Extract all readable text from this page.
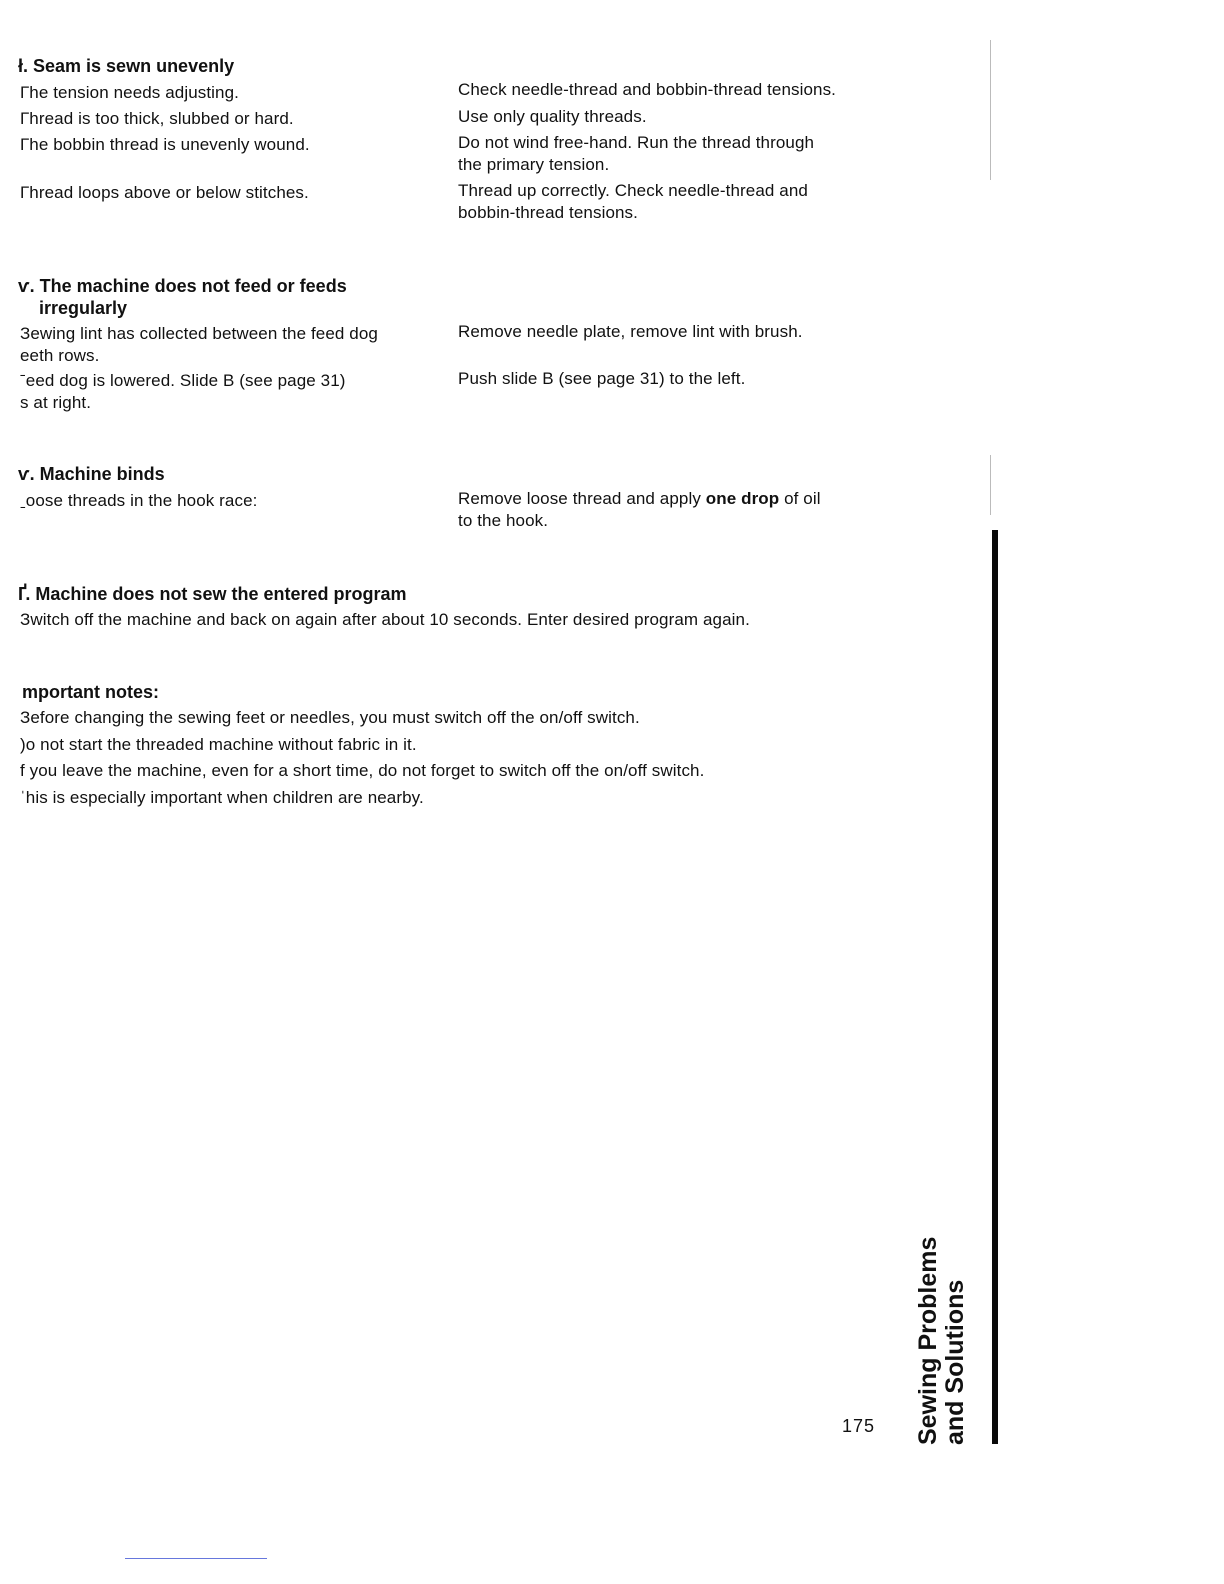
ł. Seam is sewn unevenly
Гhe tension needs adjusting.
Гhread is too thick, slubbed or hard.
Гhe bobbin thread is unevenly wound.
Гhread loops above or below stitches.
Check needle-thread and bobbin-thread tensions.
Use only quality threads.
Do not wind free-hand. Run the thread through
the primary tension.
Thread up correctly. Check needle-thread and
bobbin-thread tensions.
ѵ. The machine does not feed or feeds
irregularly
Зewing lint has collected between the feed dog
eeth rows.
ˉeed dog is lowered. Slide B (see page 31)
s at right.
Remove needle plate, remove lint with brush.
Push slide B (see page 31) to the left.
ѵ. Machine binds
ˍoose threads in the hook race:	Remove loose thread and apply one drop of oil
to the hook.
Ґ. Machine does not sew the entered program
Зwitch off the machine and back on again after about 10 seconds. Enter desired program again.
mportant notes:
Зefore changing the sewing feet or needles, you must switch off the on/off switch.
)o not start the threaded machine without fabric in it.
f you leave the machine, even for a short time, do not forget to switch off the on/off switch.
ˈhis is especially important when children are nearby.
Sewing Problems and Solutions
175
